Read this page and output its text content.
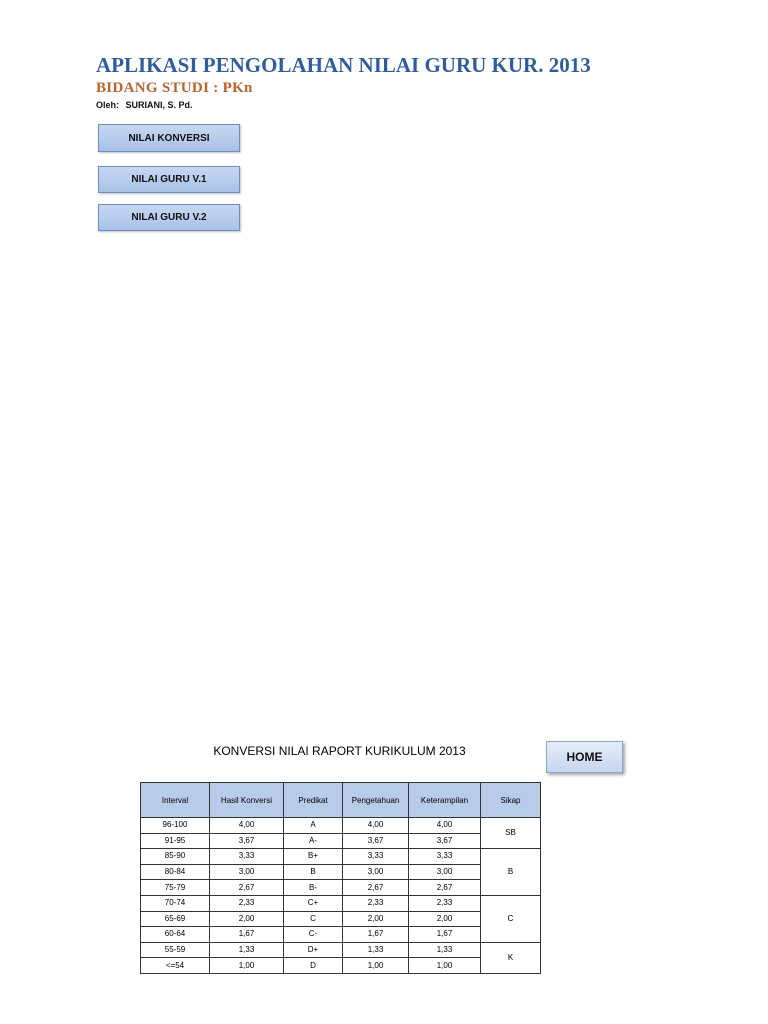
APLIKASI PENGOLAHAN NILAI GURU KUR. 2013
BIDANG STUDI : PKn
Oleh: SURIANI, S. Pd.
NILAI KONVERSI
NILAI GURU V.1
NILAI GURU V.2
KONVERSI NILAI RAPORT KURIKULUM 2013	HOME
Interval	Hasil Konversi	Predikat	Pengetahuan	Keterampilan	Sikap
96-100	4,00	A	4,00	4,00	SB
91-95	3,67	A-	3,67	3,67	
85-90	3,33	B+	3,33	3,33	B
80-84	3,00	B	3,00	3,00	
75-79	2,67	B-	2,67	2,67	
70-74	2,33	C+	2,33	2,33	C
65-69	2,00	C	2,00	2,00	
60-64	1,67	C-	1,67	1,67	
55-59	1,33	D+	1,33	1,33	K
<=54	1,00	D	1,00	1,00	
